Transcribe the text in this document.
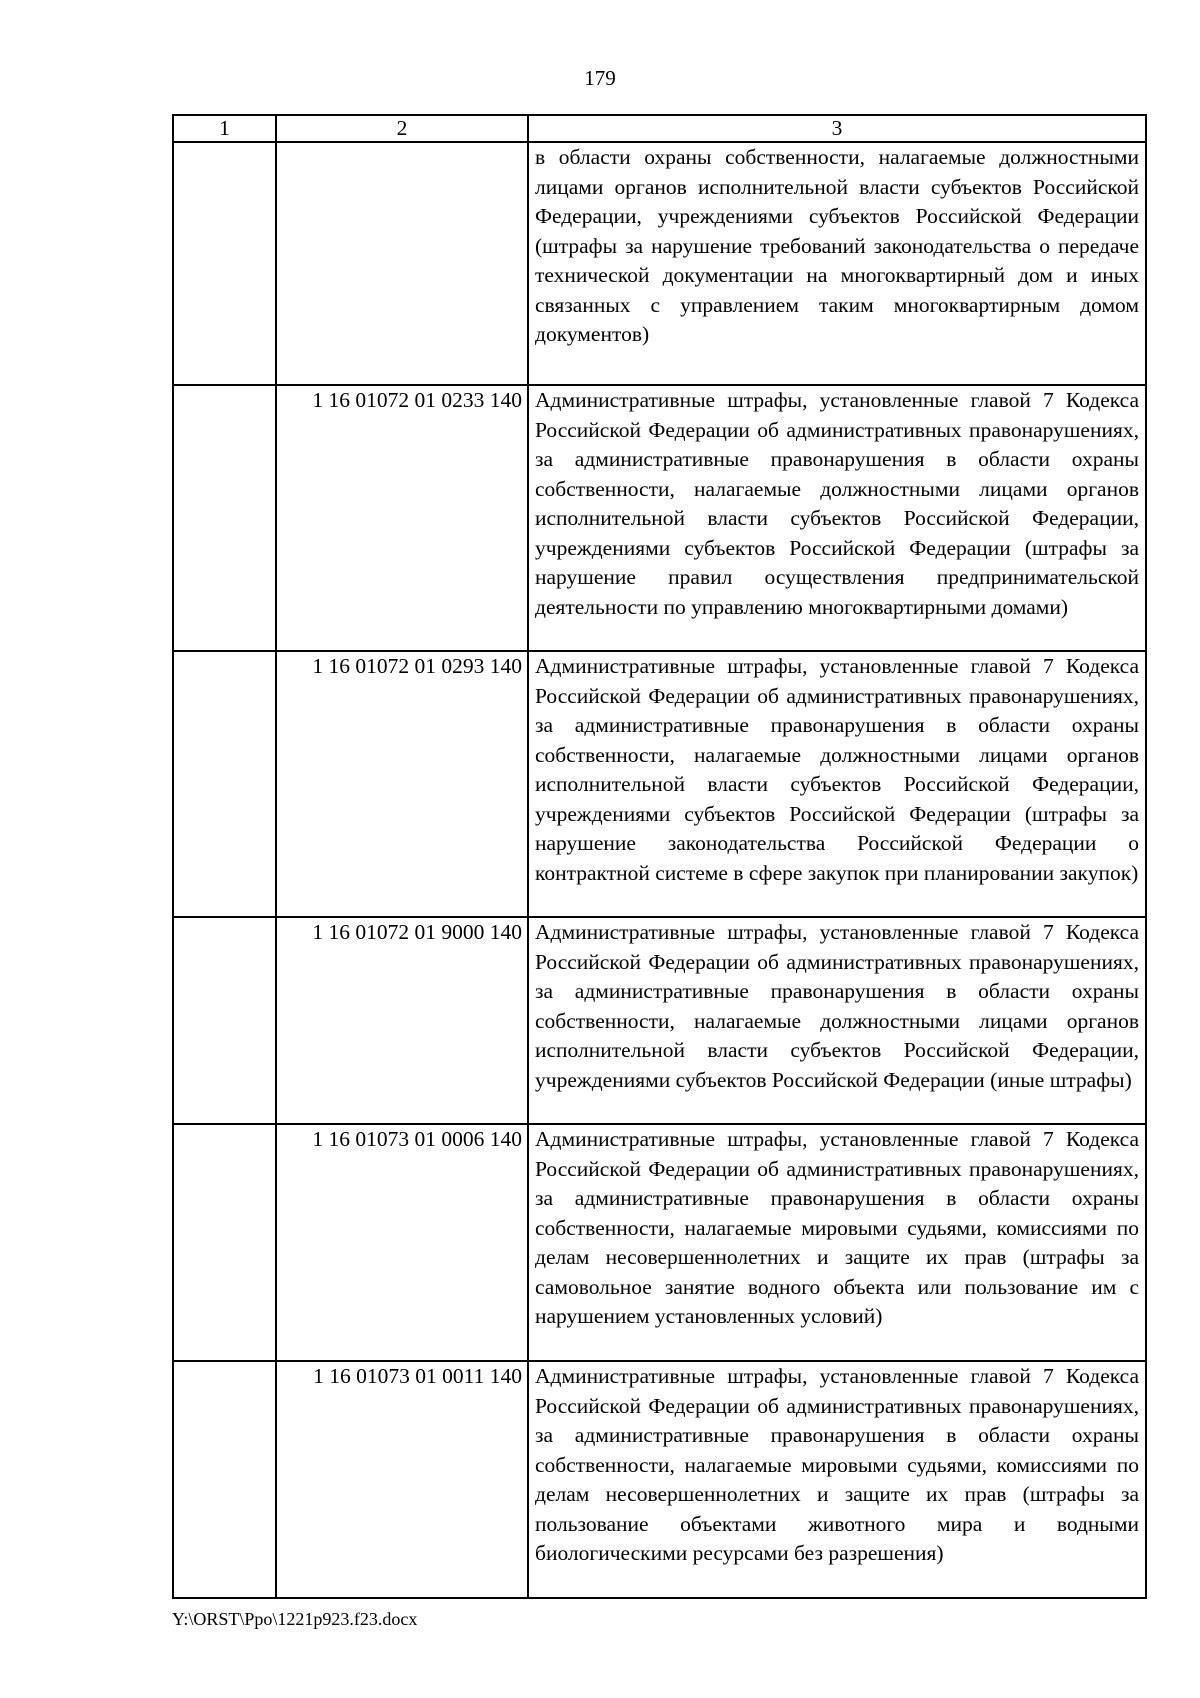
179
1	2	3
		в области охраны собственности, налагаемые должностными лицами органов исполнительной власти субъектов Российской Федерации, учреждениями субъектов Российской Федерации (штрафы за нарушение требований законодательства о передаче технической документации на многоквартирный дом и иных связанных с управлением таким многоквартирным домом документов)
	1 16 01072 01 0233 140	Административные штрафы, установленные главой 7 Кодекса Российской Федерации об административных правонарушениях, за административные правонарушения в области охраны собственности, налагаемые должностными лицами органов исполнительной власти субъектов Российской Федерации, учреждениями субъектов Российской Федерации (штрафы за нарушение правил осуществления предпринимательской деятельности по управлению многоквартирными домами)
	1 16 01072 01 0293 140	Административные штрафы, установленные главой 7 Кодекса Российской Федерации об административных правонарушениях, за административные правонарушения в области охраны собственности, налагаемые должностными лицами органов исполнительной власти субъектов Российской Федерации, учреждениями субъектов Российской Федерации (штрафы за нарушение законодательства Российской Федерации о контрактной системе в сфере закупок при планировании закупок)
	1 16 01072 01 9000 140	Административные штрафы, установленные главой 7 Кодекса Российской Федерации об административных правонарушениях, за административные правонарушения в области охраны собственности, налагаемые должностными лицами органов исполнительной власти субъектов Российской Федерации, учреждениями субъектов Российской Федерации (иные штрафы)
	1 16 01073 01 0006 140	Административные штрафы, установленные главой 7 Кодекса Российской Федерации об административных правонарушениях, за административные правонарушения в области охраны собственности, налагаемые мировыми судьями, комиссиями по делам несовершеннолетних и защите их прав (штрафы за самовольное занятие водного объекта или пользование им с нарушением установленных условий)
	1 16 01073 01 0011 140	Административные штрафы, установленные главой 7 Кодекса Российской Федерации об административных правонарушениях, за административные правонарушения в области охраны собственности, налагаемые мировыми судьями, комиссиями по делам несовершеннолетних и защите их прав (штрафы за пользование объектами животного мира и водными биологическими ресурсами без разрешения)
Y:\ORST\Ppo\1221p923.f23.docx
